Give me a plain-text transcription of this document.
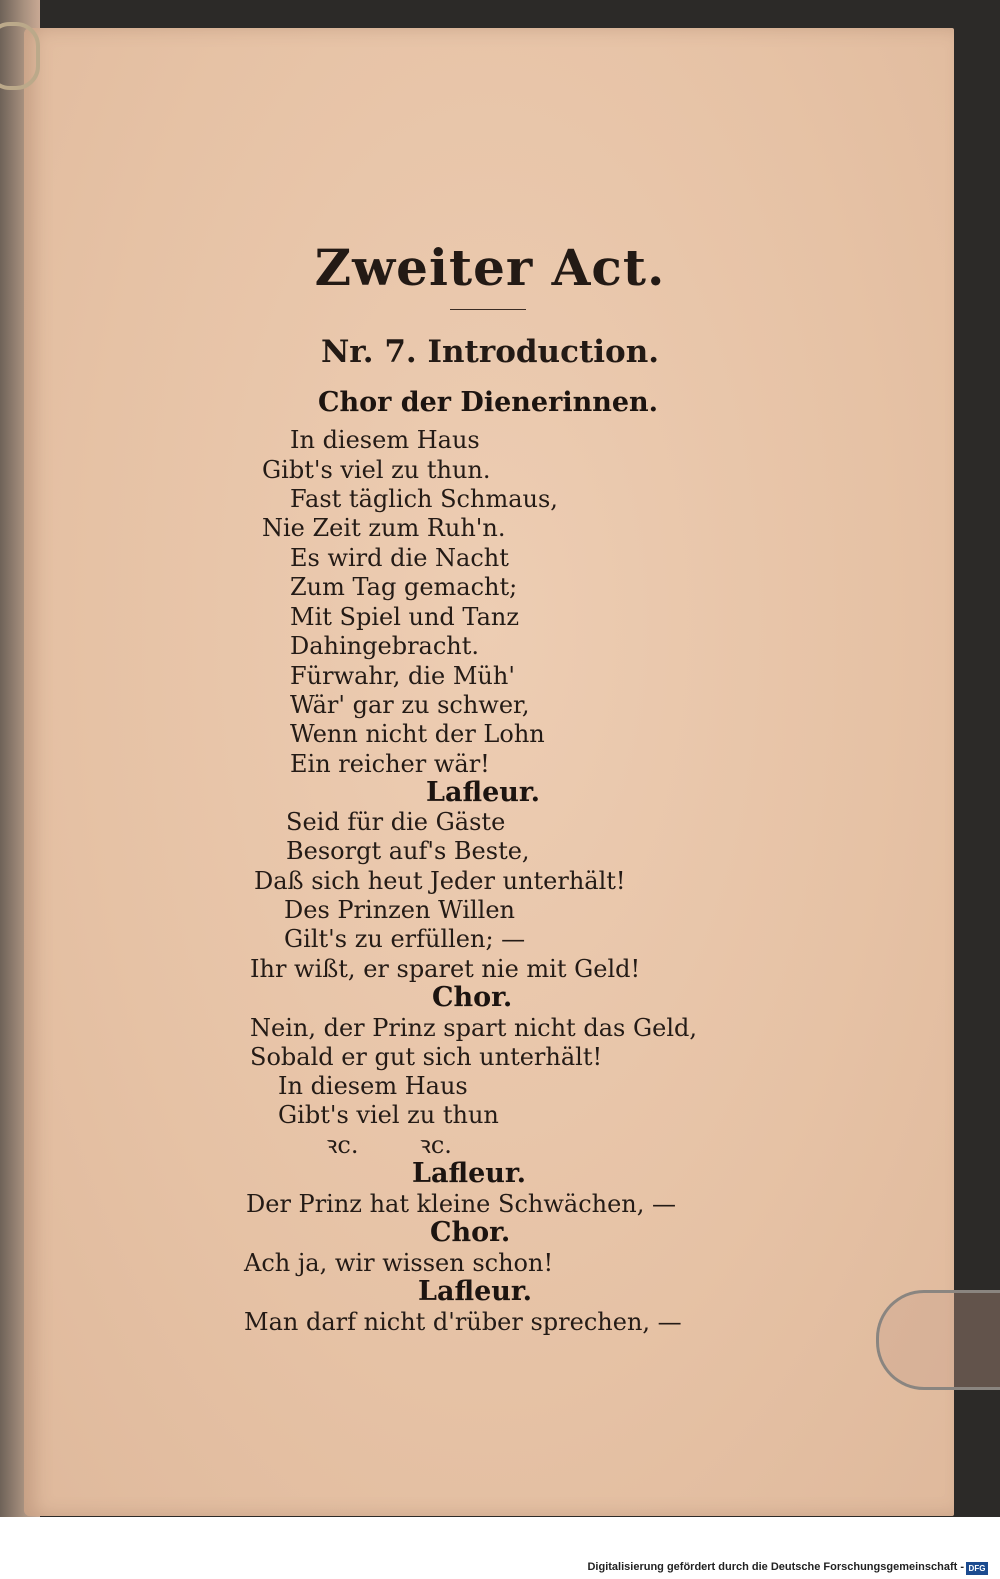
Zweiter Act.
Nr. 7. Introduction.
Chor der Dienerinnen.
In diesem Haus
Gibt's viel zu thun.
Fast täglich Schmaus,
Nie Zeit zum Ruh'n.
Es wird die Nacht
Zum Tag gemacht;
Mit Spiel und Tanz
Dahingebracht.
Fürwahr, die Müh'
Wär' gar zu schwer,
Wenn nicht der Lohn
Ein reicher wär!
Lafleur.
Seid für die Gäste
Besorgt auf's Beste,
Daß sich heut Jeder unterhält!
Des Prinzen Willen
Gilt's zu erfüllen; —
Ihr wißt, er sparet nie mit Geld!
Chor.
Nein, der Prinz spart nicht das Geld,
Sobald er gut sich unterhält!
In diesem Haus
Gibt's viel zu thun
ꝛc.        ꝛc.
Lafleur.
Der Prinz hat kleine Schwächen, —
Chor.
Ach ja, wir wissen schon!
Lafleur.
Man darf nicht d'rüber sprechen, —
Digitalisierung gefördert durch die Deutsche Forschungsgemeinschaft - DFG
